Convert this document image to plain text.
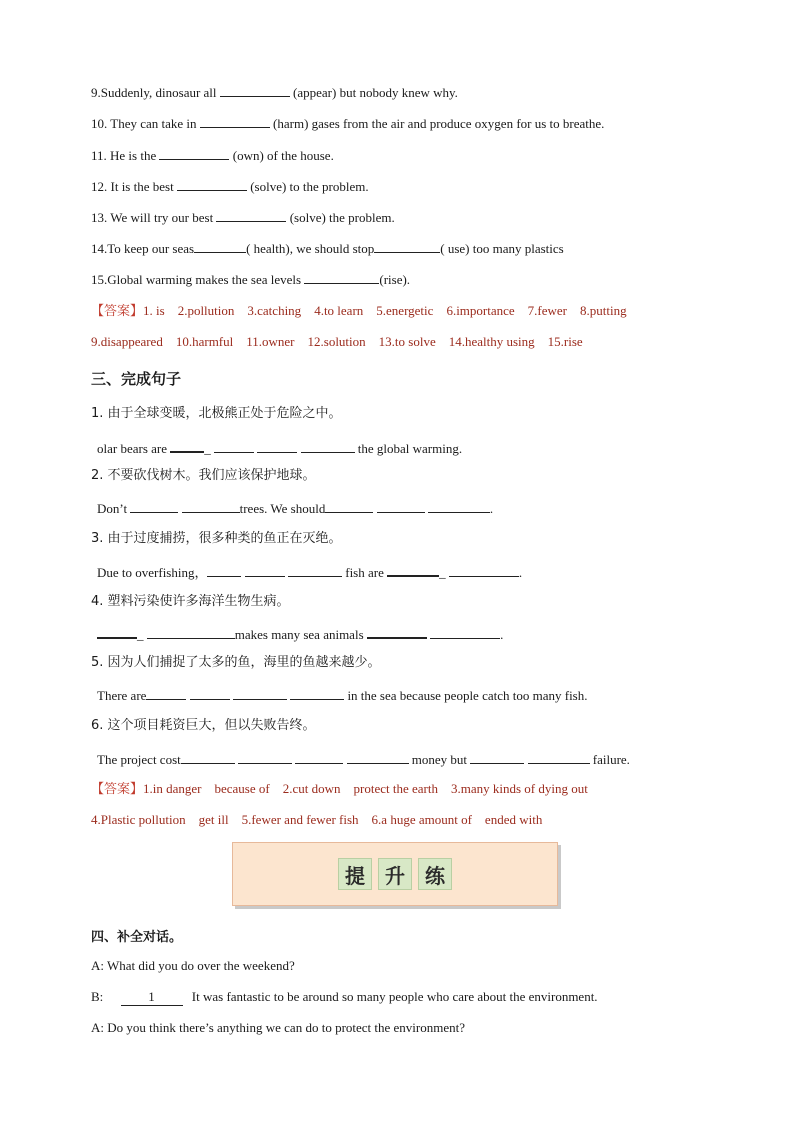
9.Suddenly, dinosaur all	(appear) but nobody knew why.
10. They can take in	(harm) gases from the air and produce oxygen for us to breathe.
11. He is the	(own) of the house.
12. It is the best	(solve) to the problem.
13. We will try our best	(solve) the problem.
14.To keep our seas	( health), we should stop	( use) too many plastics
15.Global warming makes the sea levels	(rise).
【答案】1. is 2.pollution 3.catching 4.to learn 5.energetic 6.importance 7.fewer 8.putting
9.disappeared 10.harmful 11.owner 12.solution 13.to solve 14.healthy using 15.rise
三、完成句子
1. 由于全球变暖，北极熊正处于危险之中。
olar bears are	_	the global warming.
2. 不要砍伐树木。我们应该保护地球。
Don’t	trees. We should	.
3. 由于过度捕捞，很多种类的鱼正在灭绝。
Due to overfishing，	fish are	_	.
4. 塑料污染使许多海洋生物生病。
_	makes many sea animals	.
5. 因为人们捕捉了太多的鱼，海里的鱼越来越少。
There are	in the sea because people catch too many fish.
6. 这个项目耗资巨大，但以失败告终。
The project cost	money but	failure.
【答案】1.in danger because of 2.cut down protect the earth 3.many kinds of dying out
4.Plastic pollution get ill 5.fewer and fewer fish 6.a huge amount of ended with
提	升	练
四、补全对话。
A: What did you do over the weekend?
B:	1	It was fantastic to be around so many people who care about the environment.
A: Do you think there’s anything we can do to protect the environment?
